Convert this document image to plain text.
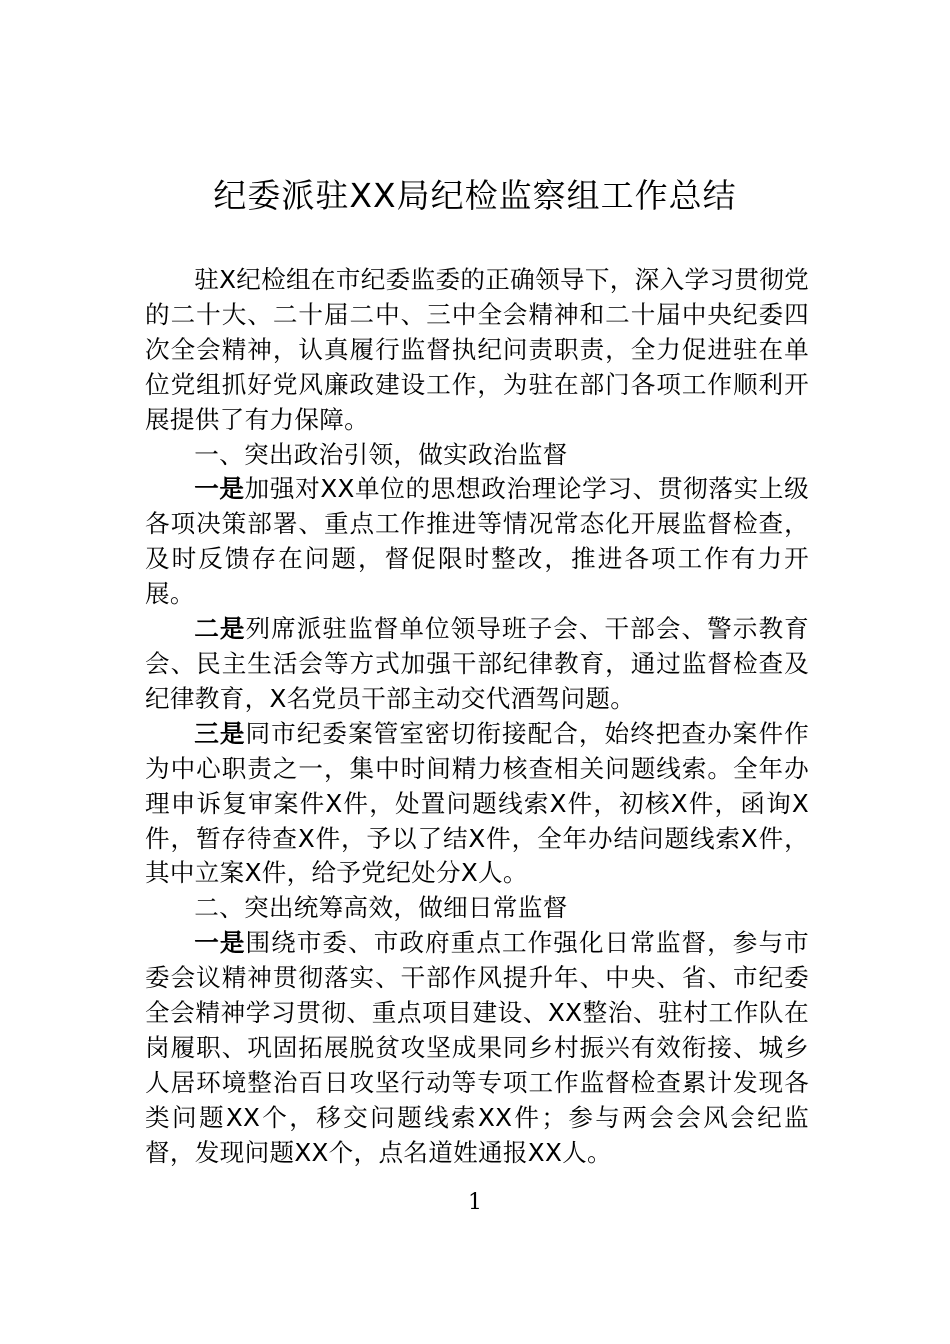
纪委派驻XX局纪检监察组工作总结

驻X纪检组在市纪委监委的正确领导下，深入学习贯彻党的二十大、二十届二中、三中全会精神和二十届中央纪委四次全会精神，认真履行监督执纪问责职责，全力促进驻在单位党组抓好党风廉政建设工作，为驻在部门各项工作顺利开展提供了有力保障。

一、突出政治引领，做实政治监督

一是加强对XX单位的思想政治理论学习、贯彻落实上级各项决策部署、重点工作推进等情况常态化开展监督检查，及时反馈存在问题，督促限时整改，推进各项工作有力开展。

二是列席派驻监督单位领导班子会、干部会、警示教育会、民主生活会等方式加强干部纪律教育，通过监督检查及纪律教育，X名党员干部主动交代酒驾问题。

三是同市纪委案管室密切衔接配合，始终把查办案件作为中心职责之一，集中时间精力核查相关问题线索。全年办理申诉复审案件X件，处置问题线索X件，初核X件，函询X件，暂存待查X件，予以了结X件，全年办结问题线索X件，其中立案X件，给予党纪处分X人。

二、突出统筹高效，做细日常监督

一是围绕市委、市政府重点工作强化日常监督，参与市委会议精神贯彻落实、干部作风提升年、中央、省、市纪委全会精神学习贯彻、重点项目建设、XX整治、驻村工作队在岗履职、巩固拓展脱贫攻坚成果同乡村振兴有效衔接、城乡人居环境整治百日攻坚行动等专项工作监督检查累计发现各类问题XX个，移交问题线索XX件；参与两会会风会纪监督，发现问题XX个，点名道姓通报XX人。

1
